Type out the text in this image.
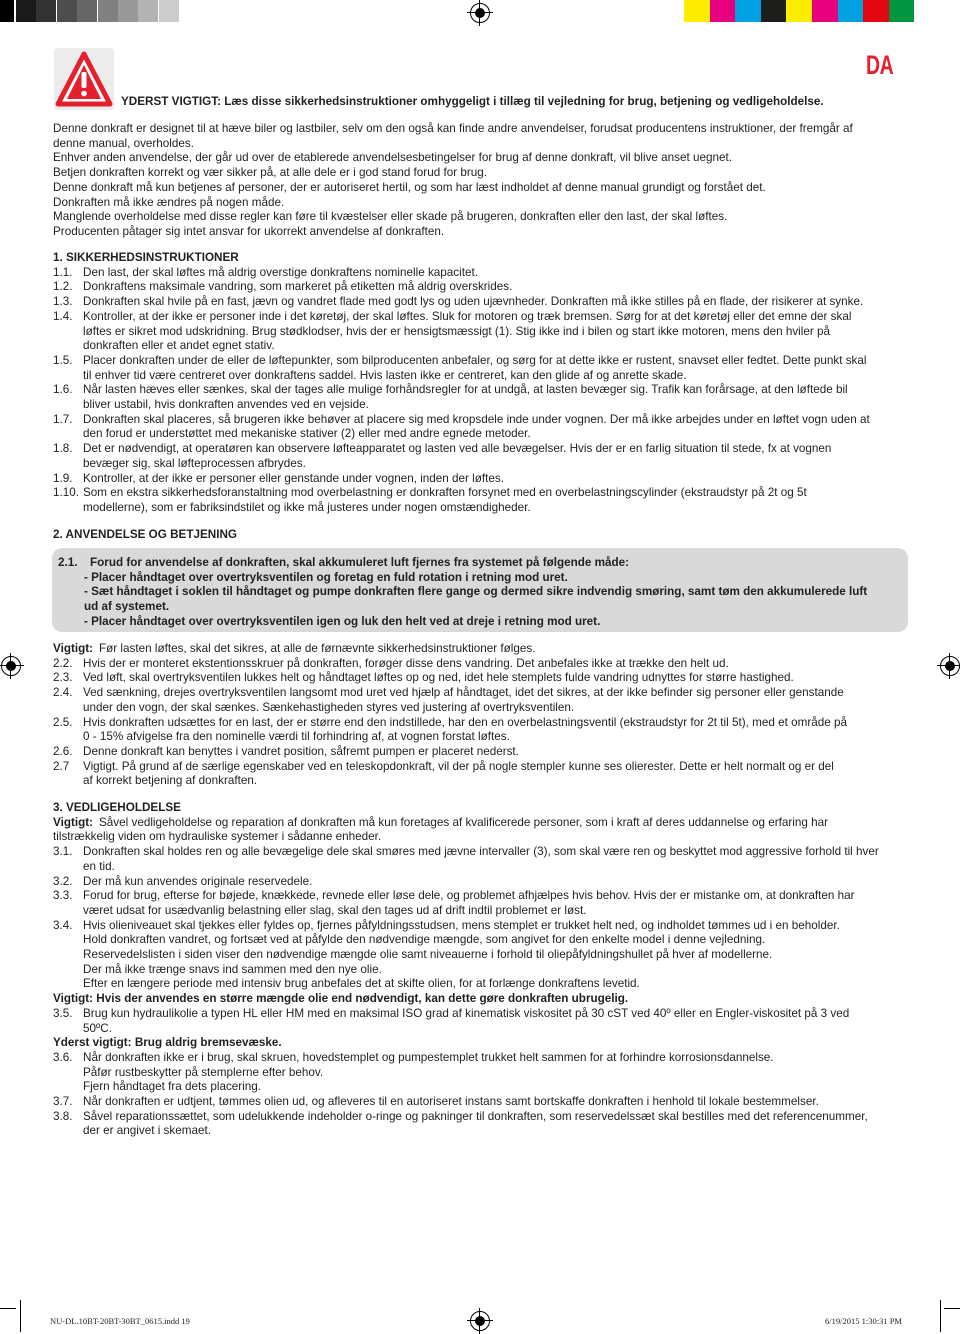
DA
YDERST VIGTIGT: Læs disse sikkerhedsinstruktioner omhyggeligt i tillæg til vejledning for brug, betjening og vedligeholdelse.
Denne donkraft er designet til at hæve biler og lastbiler, selv om den også kan finde andre anvendelser, forudsat producentens instruktioner, der fremgår af
denne manual, overholdes.
Enhver anden anvendelse, der går ud over de etablerede anvendelsesbetingelser for brug af denne donkraft, vil blive anset uegnet.
Betjen donkraften korrekt og vær sikker på, at alle dele er i god stand forud for brug.
Denne donkraft må kun betjenes af personer, der er autoriseret hertil, og som har læst indholdet af denne manual grundigt og forstået det.
Donkraften må ikke ændres på nogen måde.
Manglende overholdelse med disse regler kan føre til kvæstelser eller skade på brugeren, donkraften eller den last, der skal løftes.
Producenten påtager sig intet ansvar for ukorrekt anvendelse af donkraften.
1. SIKKERHEDSINSTRUKTIONER
1.1. Den last, der skal løftes må aldrig overstige donkraftens nominelle kapacitet.
1.2. Donkraftens maksimale vandring, som markeret på etiketten må aldrig overskrides.
1.3. Donkraften skal hvile på en fast, jævn og vandret flade med godt lys og uden ujævnheder. Donkraften må ikke stilles på en flade, der risikerer at synke.
1.4. Kontroller, at der ikke er personer inde i det køretøj, der skal løftes. Sluk for motoren og træk bremsen. Sørg for at det køretøj eller det emne der skal
løftes er sikret mod udskridning. Brug stødklodser, hvis der er hensigtsmæssigt (1). Stig ikke ind i bilen og start ikke motoren, mens den hviler på
donkraften eller et andet egnet stativ.
1.5. Placer donkraften under de eller de løftepunkter, som bilproducenten anbefaler, og sørg for at dette ikke er rustent, snavset eller fedtet. Dette punkt skal
til enhver tid være centreret over donkraftens saddel. Hvis lasten ikke er centreret, kan den glide af og anrette skade.
1.6. Når lasten hæves eller sænkes, skal der tages alle mulige forhåndsregler for at undgå, at lasten bevæger sig. Trafik kan forårsage, at den løftede bil
bliver ustabil, hvis donkraften anvendes ved en vejside.
1.7. Donkraften skal placeres, så brugeren ikke behøver at placere sig med kropsdele inde under vognen. Der må ikke arbejdes under en løftet vogn uden at
den forud er understøttet med mekaniske stativer (2) eller med andre egnede metoder.
1.8. Det er nødvendigt, at operatøren kan observere løfteapparatet og lasten ved alle bevægelser. Hvis der er en farlig situation til stede, fx at vognen
bevæger sig, skal løfteprocessen afbrydes.
1.9. Kontroller, at der ikke er personer eller genstande under vognen, inden der løftes.
1.10. Som en ekstra sikkerhedsforanstaltning mod overbelastning er donkraften forsynet med en overbelastningscylinder (ekstraudstyr på 2t og 5t
modellerne), som er fabriksindstilet og ikke må justeres under nogen omstændigheder.
2. ANVENDELSE OG BETJENING
Vigtigt: Før lasten løftes, skal det sikres, at alle de førnævnte sikkerhedsinstruktioner følges.
2.2. Hvis der er monteret ekstentionsskruer på donkraften, forøger disse dens vandring. Det anbefales ikke at trække den helt ud.
2.3. Ved løft, skal overtryksventilen lukkes helt og håndtaget løftes op og ned, idet hele stemplets fulde vandring udnyttes for større hastighed.
2.4. Ved sænkning, drejes overtryksventilen langsomt mod uret ved hjælp af håndtaget, idet det sikres, at der ikke befinder sig personer eller genstande
under den vogn, der skal sænkes. Sænkehastigheden styres ved justering af overtryksventilen.
2.5. Hvis donkraften udsættes for en last, der er større end den indstillede, har den en overbelastningsventil (ekstraudstyr for 2t til 5t), med et område på
0 - 15% afvigelse fra den nominelle værdi til forhindring af, at vognen forstat løftes.
2.6. Denne donkraft kan benyttes i vandret position, såfremt pumpen er placeret nederst.
2.7 Vigtigt. På grund af de særlige egenskaber ved en teleskopdonkraft, vil der på nogle stempler kunne ses olierester. Dette er helt normalt og er del
af korrekt betjening af donkraften.
3. VEDLIGEHOLDELSE
Vigtigt: Såvel vedligeholdelse og reparation af donkraften må kun foretages af kvalificerede personer, som i kraft af deres uddannelse og erfaring har
tilstrækkelig viden om hydrauliske systemer i sådanne enheder.
3.1. Donkraften skal holdes ren og alle bevægelige dele skal smøres med jævne intervaller (3), som skal være ren og beskyttet mod aggressive forhold til hver
en tid.
3.2. Der må kun anvendes originale reservedele.
3.3. Forud for brug, efterse for bøjede, knækkede, revnede eller løse dele, og problemet afhjælpes hvis behov. Hvis der er mistanke om, at donkraften har
været udsat for usædvanlig belastning eller slag, skal den tages ud af drift indtil problemet er løst.
3.4. Hvis olieniveauet skal tjekkes eller fyldes op, fjernes påfyldningsstudsen, mens stemplet er trukket helt ned, og indholdet tømmes ud i en beholder.
Hold donkraften vandret, og fortsæt ved at påfylde den nødvendige mængde, som angivet for den enkelte model i denne vejledning.
Reservedelslisten i siden viser den nødvendige mængde olie samt niveauerne i forhold til oliepåfyldningshullet på hver af modellerne.
Der må ikke trænge snavs ind sammen med den nye olie.
Efter en længere periode med intensiv brug anbefales det at skifte olien, for at forlænge donkraftens levetid.
Vigtigt: Hvis der anvendes en større mængde olie end nødvendigt, kan dette gøre donkraften ubrugelig.
3.5. Brug kun hydraulikolie a typen HL eller HM med en maksimal ISO grad af kinematisk viskositet på 30 cST ved 40º eller en Engler-viskositet på 3 ved
50ºC.
Yderst vigtigt: Brug aldrig bremsevæske.
3.6. Når donkraften ikke er i brug, skal skruen, hovedstemplet og pumpestemplet trukket helt sammen for at forhindre korrosionsdannelse.
Påfør rustbeskytter på stemplerne efter behov.
Fjern håndtaget fra dets placering.
3.7. Når donkraften er udtjent, tømmes olien ud, og afleveres til en autoriseret instans samt bortskaffe donkraften i henhold til lokale bestemmelser.
3.8. Såvel reparationssættet, som udelukkende indeholder o-ringe og pakninger til donkraften, som reservedelssæt skal bestilles med det referencenummer,
der er angivet i skemaet.
2.1. Forud for anvendelse af donkraften, skal akkumuleret luft fjernes fra systemet på følgende måde:
- Placer håndtaget over overtryksventilen og foretag en fuld rotation i retning mod uret.
- Sæt håndtaget i soklen til håndtaget og pumpe donkraften flere gange og dermed sikre indvendig smøring, samt tøm den akkumulerede luft
ud af systemet.
- Placer håndtaget over overtryksventilen igen og luk den helt ved at dreje i retning mod uret.
NU-DL.10BT-20BT-30BT_0615.indd 19	6/19/2015 1:30:31 PM
